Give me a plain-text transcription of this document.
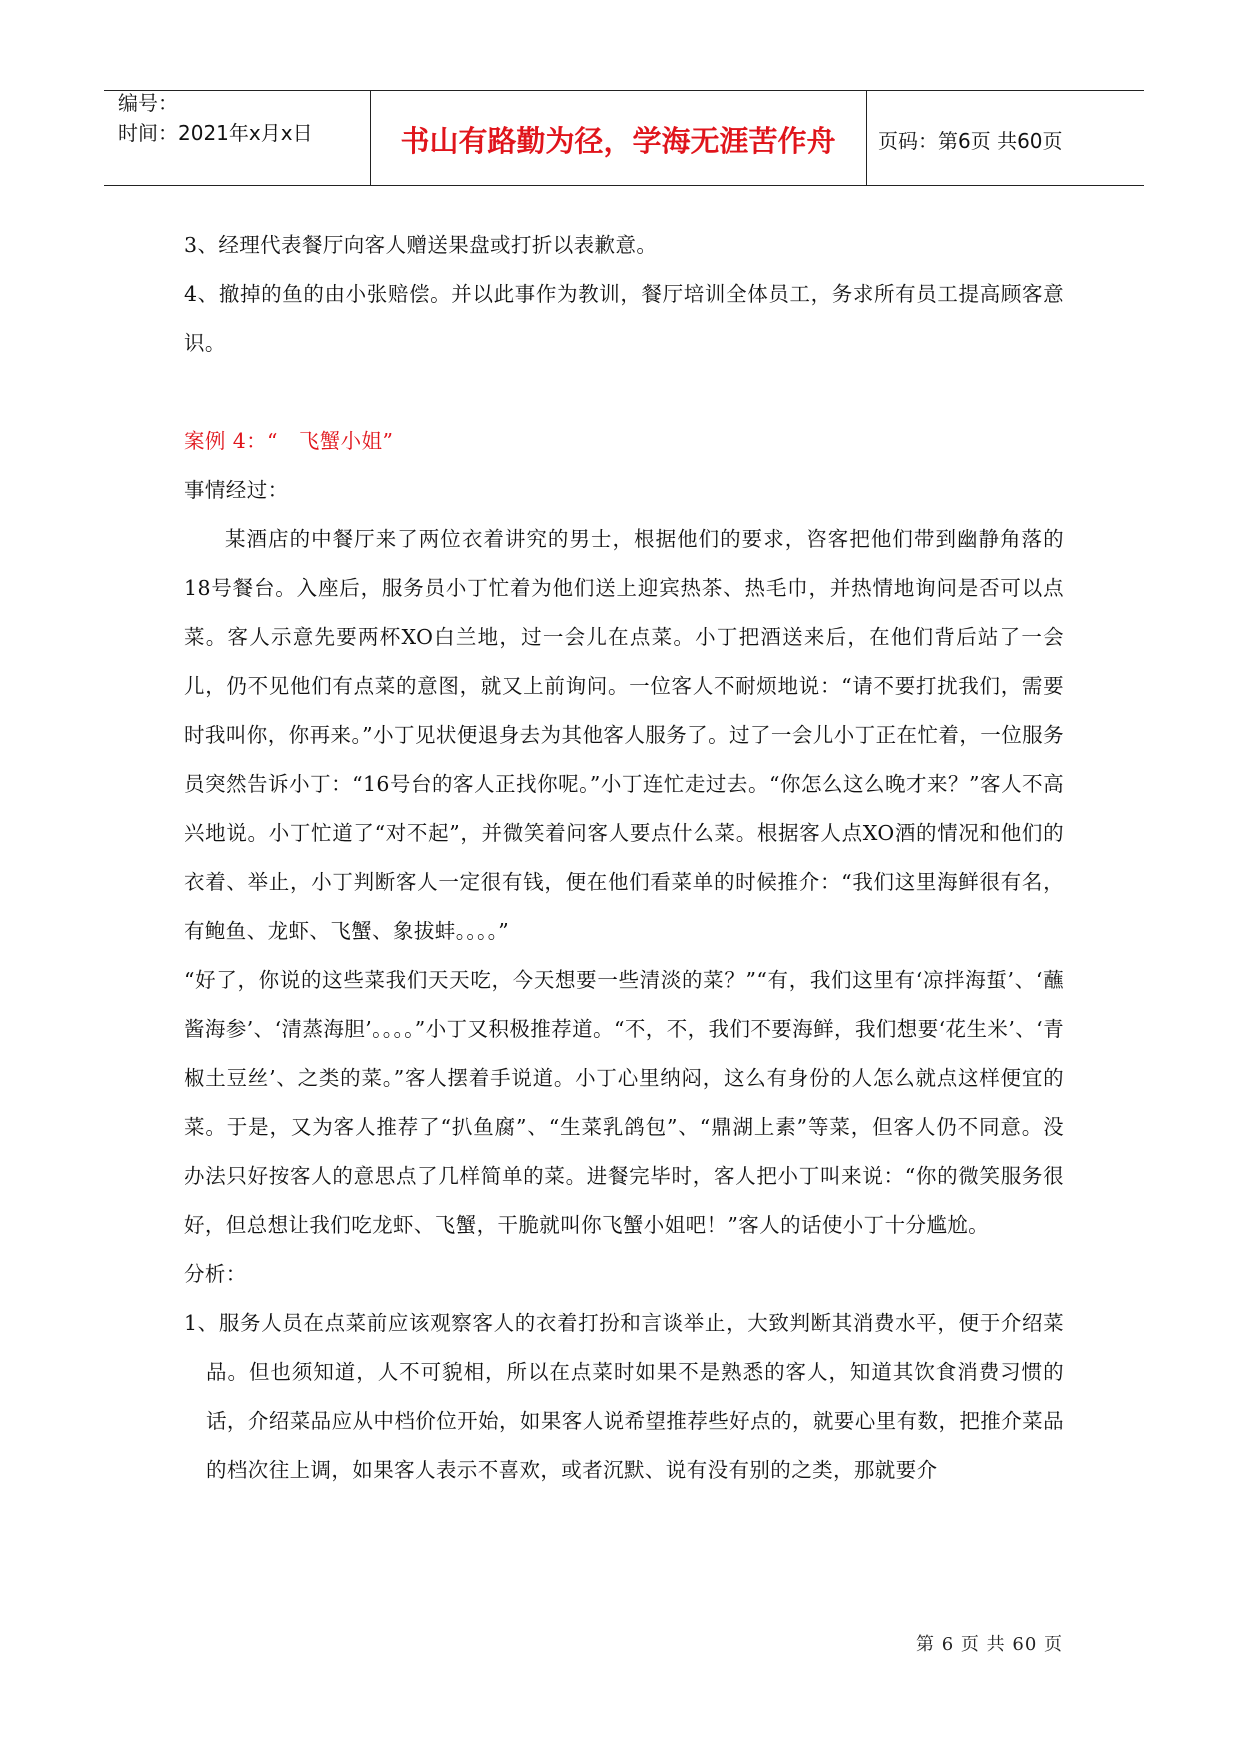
编号：
时间：2021年x月x日	书山有路勤为径，学海无涯苦作舟	页码：第6页 共60页

3、经理代表餐厅向客人赠送果盘或打折以表歉意。

4、撤掉的鱼的由小张赔偿。并以此事作为教训，餐厅培训全体员工，务求所有员工提高顾客意识。

案例 4：“　飞蟹小姐”

事情经过：

某酒店的中餐厅来了两位衣着讲究的男士，根据他们的要求，咨客把他们带到幽静角落的18号餐台。入座后，服务员小丁忙着为他们送上迎宾热茶、热毛巾，并热情地询问是否可以点菜。客人示意先要两杯XO白兰地，过一会儿在点菜。小丁把酒送来后，在他们背后站了一会儿，仍不见他们有点菜的意图，就又上前询问。一位客人不耐烦地说：“请不要打扰我们，需要时我叫你，你再来。”小丁见状便退身去为其他客人服务了。过了一会儿小丁正在忙着，一位服务员突然告诉小丁：“16号台的客人正找你呢。”小丁连忙走过去。“你怎么这么晚才来？”客人不高兴地说。小丁忙道了“对不起”，并微笑着问客人要点什么菜。根据客人点XO酒的情况和他们的衣着、举止，小丁判断客人一定很有钱，便在他们看菜单的时候推介：“我们这里海鲜很有名，有鲍鱼、龙虾、飞蟹、象拔蚌。。。。”

“好了，你说的这些菜我们天天吃，今天想要一些清淡的菜？”“有，我们这里有‘凉拌海蜇’、‘蘸酱海参’、‘清蒸海胆’。。。。”小丁又积极推荐道。“不，不，我们不要海鲜，我们想要‘花生米’、‘青椒土豆丝’、之类的菜。”客人摆着手说道。小丁心里纳闷，这么有身份的人怎么就点这样便宜的菜。于是，又为客人推荐了“扒鱼腐”、“生菜乳鸽包”、“鼎湖上素”等菜，但客人仍不同意。没办法只好按客人的意思点了几样简单的菜。进餐完毕时，客人把小丁叫来说：“你的微笑服务很好，但总想让我们吃龙虾、飞蟹，干脆就叫你飞蟹小姐吧！”客人的话使小丁十分尴尬。

分析：

1、服务人员在点菜前应该观察客人的衣着打扮和言谈举止，大致判断其消费水平，便于介绍菜品。但也须知道，人不可貌相，所以在点菜时如果不是熟悉的客人，知道其饮食消费习惯的话，介绍菜品应从中档价位开始，如果客人说希望推荐些好点的，就要心里有数，把推介菜品的档次往上调，如果客人表示不喜欢，或者沉默、说有没有别的之类，那就要介

第 6 页 共 60 页
